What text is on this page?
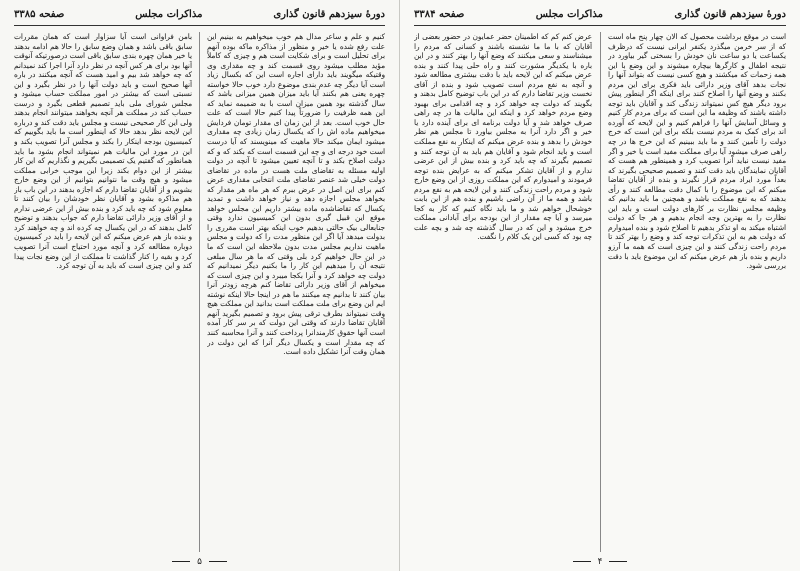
دورهٔ سیزدهم قانون گذاری
مذاکرات مجلس
صفحه ۳۳۸۵

کنیم و علم و ساعر مدال هم خوب میخواهیم به بینیم این علت رفع شده یا خیر و منظور از مذاکره ماکه بوده آنهم برای تحلیل است و برای شکایت است هم و چیزی که کاملاً مؤید مطلب میشود روی قسمت کند و چه مقداری وی وقتیکه میگویند باید دارای اجاره است این که بکسال زیاد است آیا دیگر چه عدم بندی موضوع دارد خوب حالا خواسته چهره یعنی هم بکنند آیا باید میزان همین میزانی باشد که سال گذشته بود همین میزان است با به ضمیمه نماید که این همه ظرفیت را ضرورتاً پیدا کنیم حالا است که علت حال خوب است. بعد از این زمان ای مقدار تومان فردایش میخواهیم ماده اش را که یکسال زمان زیادی چه مقداری میشود ایمان میکند حالا ماهیت که مینویسند که آیا درست است خود درجه ای و چه این قسمت است که بکند که و که دولت اصلاح بکند و تا آنچه تعیین میشود تا آنچه در دولت اولیه مسئله به تقاضای ملت هست در ماده در تقاضای دولت خیلی شد عنصر تقاضای ملت انتخابی مقداری عرض کنم برای این اصل در عرض ببرم که هر ماه هر مقدار که بخواهد مجلس اجازه دهد و نیاز خواهد داشت و تمدید یکسال که تقاضاشده ماده بیشتر داریم این مجلس خواهد موقع این قبیل گیری بدون این کمیسیون ندارد وقتی جنابعالی بیک حالتی بدهیم خوب اینکه بهتر است مقرری را بدولت میدهد آیا اگر این منظور مدت را که دولت و مجلس ماهیت نداریم مجلس مدت بدون ملاحظه این است که ما در این حال خواهیم کرد بلی وقتی که ما هر سال مبلغی نتیجه آن را میدهیم این کار را ما بکنیم دیگر نمیدانیم که دولت چه خواهد کرد و آنرا بکجا میبرد و این چیزی است که میخواهم از آقای وزیر دارائی تقاضا کنم هرچه زودتر آنرا بیان کنند تا بدانیم چه میکنند ما هم در اینجا حالا اینکه نوشته ایم این وضع برای ملت مملکت است بدانید این مملکت هیچ وقت نمیتواند بطرف ترقی پیش برود و تصمیم بگیرید آنهم آقایان تقاضا دارند که وقتی این دولت که بر سر کار آمده است آنها حقوق کارمندانرا پرداخت کنند و آنرا محاسبه کنند که چه مقدار است و یکسال دیگر آنرا که این دولت در همان وقت آنرا تشکیل داده است.

بامن فراوانی است آیا سزاوار است که همان مقررات سابق باقی باشد و همان وضع سابق را حالا هم ادامه بدهند یا خیر همان چهره بندی سابق باقی است درصورتیکه آنوقت آنها بود برای هر کس آنچه در نظر دارد آنرا اجرا کند نمیدانم که چه خواهد شد بیم و امید هست که آنچه میکنند در باره آنها صحیح است و باید دولت آنها را در نظر بگیرد و این نسبتی است که بیشتر در امور مملکت حساب میشود و مجلس شورای ملی باید تصمیم قطعی بگیرد و درست حساب کند در مملکت هر آنچه بخواهند میتوانند انجام بدهند ولی این کار صحیحی نیست و مجلس باید دقت کند و درباره این لایحه نظر بدهد حالا که اینطور است ما باید بگوییم که کمیسیون بودجه اینکار را بکند و مجلس آنرا تصویب بکند و این در مورد این مالیات هم نمیتواند انجام بشود ما باید همانطور که گفتیم یک تصمیمی بگیریم و نگذاریم که این کار بیشتر از این دوام بکند زیرا این موجب خرابی مملکت میشود و هیچ وقت ما نتوانیم بتوانیم از این وضع خارج بشویم و از آقایان تقاضا دارم که اجازه بدهند در این باب باز هم مذاکره بشود و آقایان نظر خودشان را بیان کنند تا معلوم شود که چه باید کرد و بنده بیش از این عرضی ندارم و از آقای وزیر دارائی تقاضا دارم که جواب بدهند و توضیح کامل بدهند که در این یکسال چه کرده اند و چه خواهند کرد و بنده باز هم عرض میکنم که این لایحه را باید در کمیسیون دوباره مطالعه کرد و آنچه مورد احتیاج است آنرا تصویب کرد و بقیه را کنار گذاشت تا مملکت از این وضع نجات پیدا کند و این چیزی است که باید به آن توجه کرد.

۵
دورهٔ سیزدهم قانون گذاری
مذاکرات مجلس
صفحه ۳۳۸۴

است در موقع برداشت محصول که الان چهار پنج ماه است که از سر خرمن میگذرد یکنفر ایرانی نیست که درظرف یکساعت یا دو ساعت نان خودش را بسختی گیر بیاورد در نتیجه اطفال و کارگرها بیچاره میشوند و این وضع با این همه زحمات که میکشند و هیچ کسی نیست که بتواند آنها را نجات بدهد آقای وزیر دارائی باید فکری برای این مردم بکنند و وضع آنها را اصلاح کنند برای اینکه اگر اینطور پیش برود دیگر هیچ کس نمیتواند زندگی کند و آقایان باید توجه داشته باشند که وظیفه ما این است که برای مردم کار کنیم و وسائل آسایش آنها را فراهم کنیم و این لایحه که آورده اند برای کمک به مردم نیست بلکه برای این است که خرج دولت را تأمین کنند و ما باید ببینیم که این خرج ها در چه راهی صرف میشود آیا برای مملکت مفید است یا خیر و اگر مفید نیست نباید آنرا تصویب کرد و همینطور هم هست که آقایان نمایندگان باید دقت کنند و تصمیم صحیحی بگیرند که بعداً مورد ایراد مردم قرار نگیرند و بنده از آقایان تقاضا میکنم که این موضوع را با کمال دقت مطالعه کنند و رأی بدهند که به نفع مملکت باشد و همچنین ما باید بدانیم که وظیفه مجلس نظارت بر کارهای دولت است و باید این نظارت را به بهترین وجه انجام بدهیم و هر جا که دولت اشتباه میکند به او تذکر بدهیم تا اصلاح شود و بنده امیدوارم که دولت هم به این تذکرات توجه کند و وضع را بهتر کند تا مردم راحت زندگی کنند و این چیزی است که همه ما آرزو داریم و بنده باز هم عرض میکنم که این موضوع باید با دقت بررسی شود.

عرض کنم کم که اطمینان حضر عمایون در حضور بعضی از آقایان که با ما ما نشسته باشند و کسانی که مردم را میشناسند و سعی میکنند که وضع آنها را بهتر کنند و در این باره با یکدیگر مشورت کنند و راه حلی پیدا کنند و بنده عرض میکنم که این لایحه باید با دقت بیشتری مطالعه شود و آنچه به نفع مردم است تصویب شود و بنده از آقای نخست وزیر تقاضا دارم که در این باب توضیح کامل بدهند و بگویند که دولت چه خواهد کرد و چه اقدامی برای بهبود وضع مردم خواهد کرد و اینکه این مالیات ها در چه راهی صرف خواهد شد و آیا دولت برنامه ای برای آینده دارد یا خیر و اگر دارد آنرا به مجلس بیاورد تا مجلس هم نظر خودش را بدهد و بنده عرض میکنم که اینکار به نفع مملکت است و باید انجام شود و آقایان هم باید به آن توجه کنند و تصمیم بگیرند که چه باید کرد و بنده بیش از این عرضی ندارم و از آقایان تشکر میکنم که به عرایض بنده توجه فرمودند و امیدوارم که این مملکت روزی از این وضع خارج شود و مردم راحت زندگی کنند و این لایحه هم به نفع مردم باشد و همه ما از آن راضی باشیم و بنده هم از این بابت خوشحال خواهم شد و ما باید نگاه کنیم که کار به کجا میرسد و آیا چه مقدار از این بودجه برای آبادانی مملکت خرج میشود و این که در سال گذشته چه شد و بچه علت چه بود که کسی این یک کلام را نگفت.

۴
